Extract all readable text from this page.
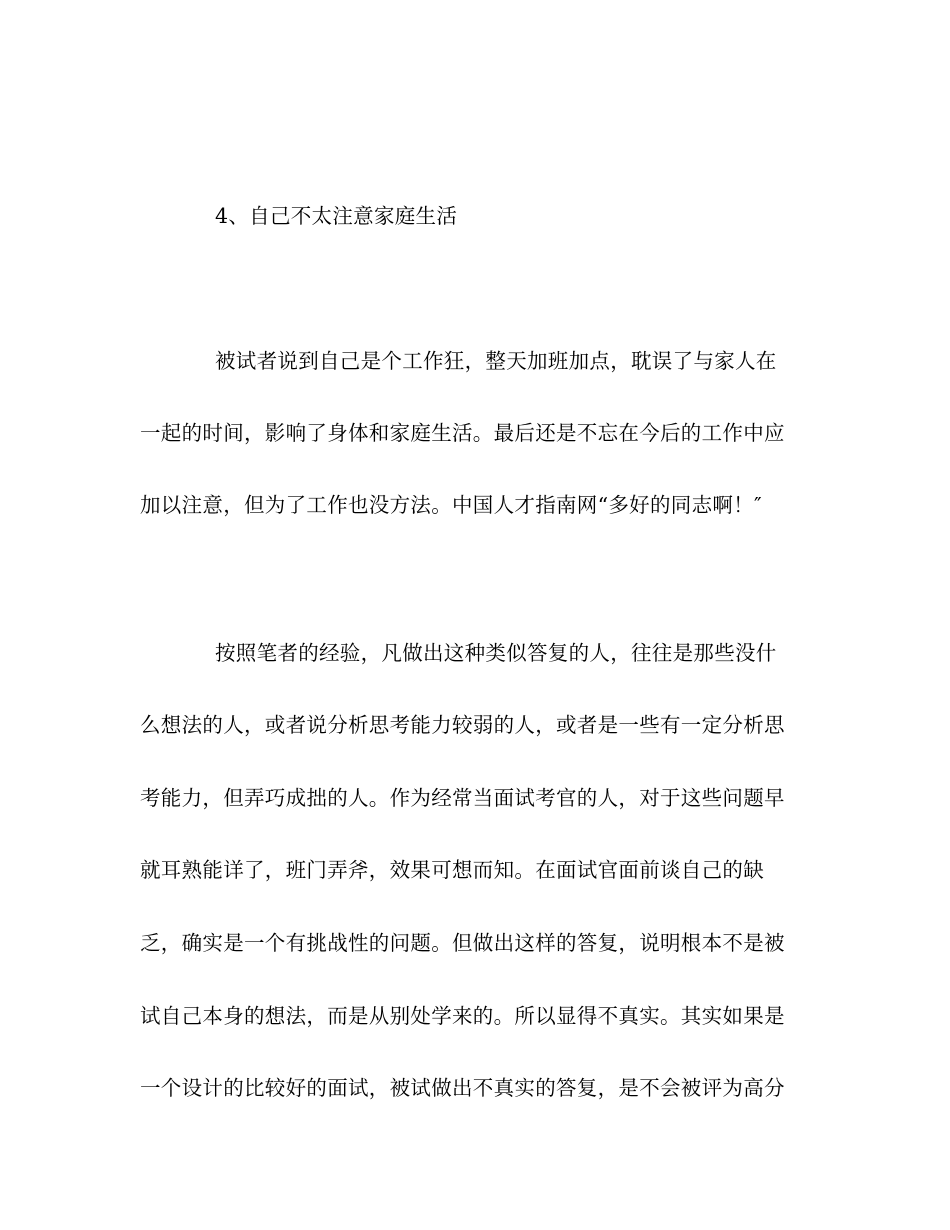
4、自己不太注意家庭生活
被试者说到自己是个工作狂，整天加班加点，耽误了与家人在
一起的时间，影响了身体和家庭生活。最后还是不忘在今后的工作中应
加以注意，但为了工作也没方法。中国人才指南网“多好的同志啊！″
按照笔者的经验，凡做出这种类似答复的人，往往是那些没什
么想法的人，或者说分析思考能力较弱的人，或者是一些有一定分析思
考能力，但弄巧成拙的人。作为经常当面试考官的人，对于这些问题早
就耳熟能详了，班门弄斧，效果可想而知。在面试官面前谈自己的缺
乏，确实是一个有挑战性的问题。但做出这样的答复，说明根本不是被
试自己本身的想法，而是从别处学来的。所以显得不真实。其实如果是
一个设计的比较好的面试，被试做出不真实的答复，是不会被评为高分
